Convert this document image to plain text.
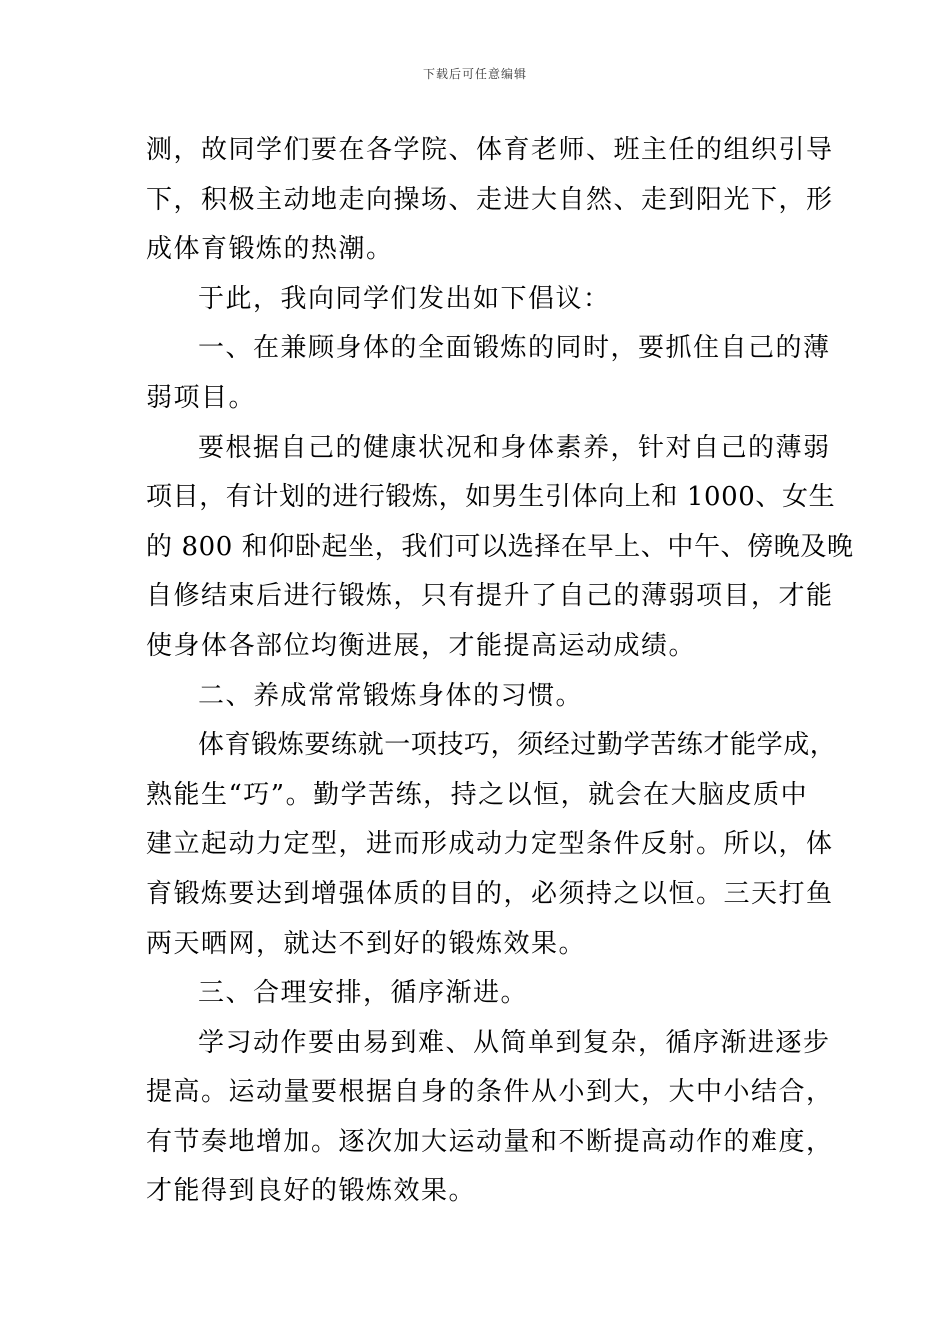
下载后可任意编辑
测，故同学们要在各学院、体育老师、班主任的组织引导
下，积极主动地走向操场、走进大自然、走到阳光下，形
成体育锻炼的热潮。
于此，我向同学们发出如下倡议：
一、在兼顾身体的全面锻炼的同时，要抓住自己的薄
弱项目。
要根据自己的健康状况和身体素养，针对自己的薄弱
项目，有计划的进行锻炼，如男生引体向上和 1000、女生
的 800 和仰卧起坐，我们可以选择在早上、中午、傍晚及晚
自修结束后进行锻炼，只有提升了自己的薄弱项目，才能
使身体各部位均衡进展，才能提高运动成绩。
二、养成常常锻炼身体的习惯。
体育锻炼要练就一项技巧，须经过勤学苦练才能学成，
熟能生“巧”。勤学苦练，持之以恒，就会在大脑皮质中
建立起动力定型，进而形成动力定型条件反射。所以，体
育锻炼要达到增强体质的目的，必须持之以恒。三天打鱼
两天晒网，就达不到好的锻炼效果。
三、合理安排，循序渐进。
学习动作要由易到难、从简单到复杂，循序渐进逐步
提高。运动量要根据自身的条件从小到大，大中小结合，
有节奏地增加。逐次加大运动量和不断提高动作的难度，
才能得到良好的锻炼效果。
